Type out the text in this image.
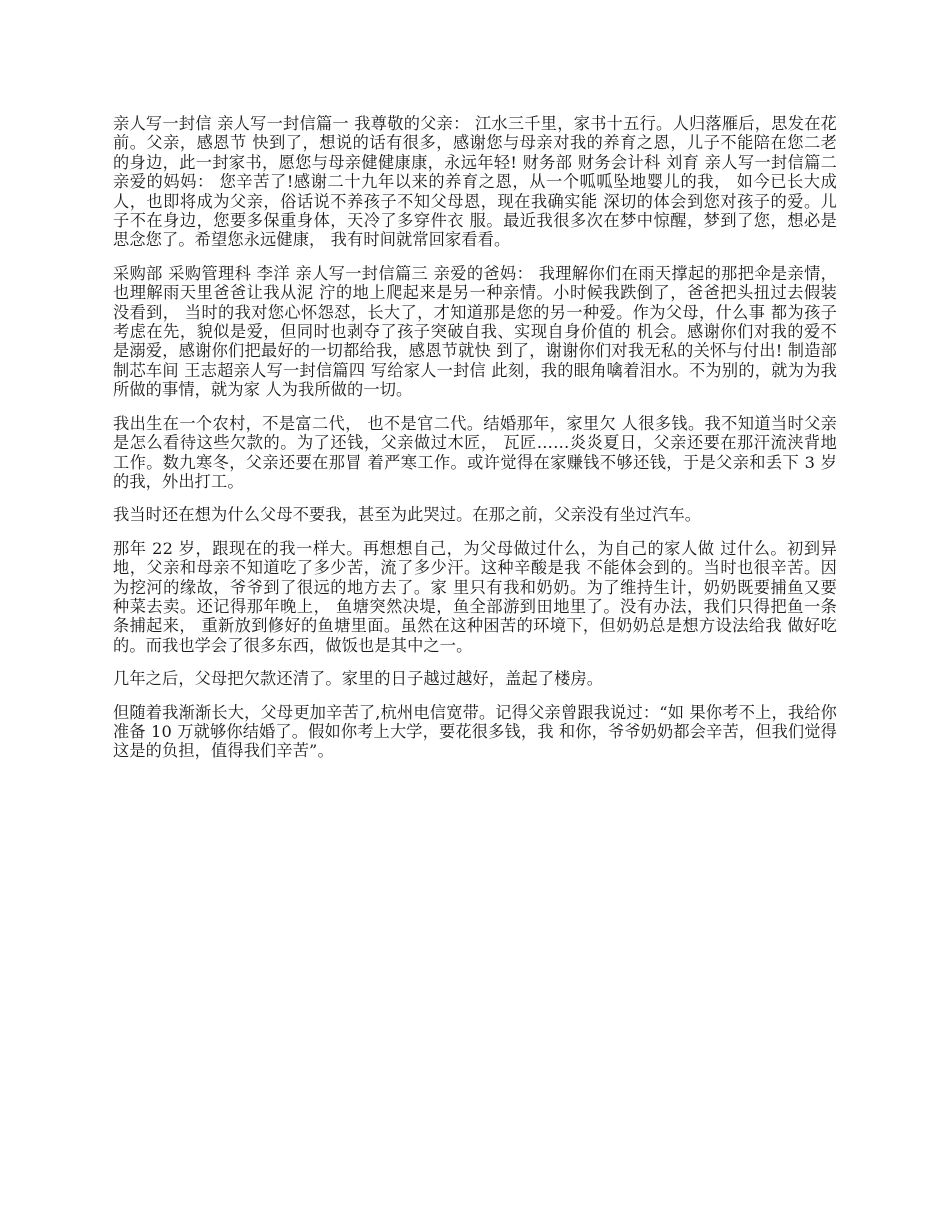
亲人写一封信 亲人写一封信篇一 我尊敬的父亲： 江水三千里，家书十五行。人归落雁后，思发在花前。父亲，感恩节 快到了，想说的话有很多，感谢您与母亲对我的养育之恩，儿子不能陪在您二老 的身边，此一封家书，愿您与母亲健健康康，永远年轻! 财务部 财务会计科 刘育 亲人写一封信篇二 亲爱的妈妈： 您辛苦了!感谢二十九年以来的养育之恩，从一个呱呱坠地婴儿的我， 如今已长大成人，也即将成为父亲，俗话说不养孩子不知父母恩，现在我确实能 深切的体会到您对孩子的爱。儿子不在身边，您要多保重身体，天冷了多穿件衣 服。最近我很多次在梦中惊醒，梦到了您，想必是思念您了。希望您永远健康， 我有时间就常回家看看。

采购部 采购管理科 李洋 亲人写一封信篇三 亲爱的爸妈： 我理解你们在雨天撑起的那把伞是亲情，也理解雨天里爸爸让我从泥 泞的地上爬起来是另一种亲情。小时候我跌倒了，爸爸把头扭过去假装没看到， 当时的我对您心怀怨怼，长大了，才知道那是您的另一种爱。作为父母，什么事 都为孩子考虑在先，貌似是爱，但同时也剥夺了孩子突破自我、实现自身价值的 机会。感谢你们对我的爱不是溺爱，感谢你们把最好的一切都给我，感恩节就快 到了，谢谢你们对我无私的关怀与付出! 制造部 制芯车间 王志超亲人写一封信篇四 写给家人一封信 此刻，我的眼角噙着泪水。不为别的，就为为我所做的事情，就为家 人为我所做的一切。

我出生在一个农村，不是富二代， 也不是官二代。结婚那年，家里欠 人很多钱。我不知道当时父亲是怎么看待这些欠款的。为了还钱，父亲做过木匠， 瓦匠……炎炎夏日，父亲还要在那汗流浃背地工作。数九寒冬，父亲还要在那冒 着严寒工作。或许觉得在家赚钱不够还钱，于是父亲和丢下 3 岁的我，外出打工。

我当时还在想为什么父母不要我，甚至为此哭过。在那之前，父亲没有坐过汽车。

那年 22 岁，跟现在的我一样大。再想想自己，为父母做过什么，为自己的家人做 过什么。初到异地，父亲和母亲不知道吃了多少苦，流了多少汗。这种辛酸是我 不能体会到的。当时也很辛苦。因为挖河的缘故，爷爷到了很远的地方去了。家 里只有我和奶奶。为了维持生计，奶奶既要捕鱼又要种菜去卖。还记得那年晚上， 鱼塘突然决堤，鱼全部游到田地里了。没有办法，我们只得把鱼一条条捕起来， 重新放到修好的鱼塘里面。虽然在这种困苦的环境下，但奶奶总是想方设法给我 做好吃的。而我也学会了很多东西，做饭也是其中之一。

几年之后，父母把欠款还清了。家里的日子越过越好，盖起了楼房。

但随着我渐渐长大，父母更加辛苦了,杭州电信宽带。记得父亲曾跟我说过：“如 果你考不上，我给你准备 10 万就够你结婚了。假如你考上大学，要花很多钱，我 和你，爷爷奶奶都会辛苦，但我们觉得这是的负担，值得我们辛苦”。
